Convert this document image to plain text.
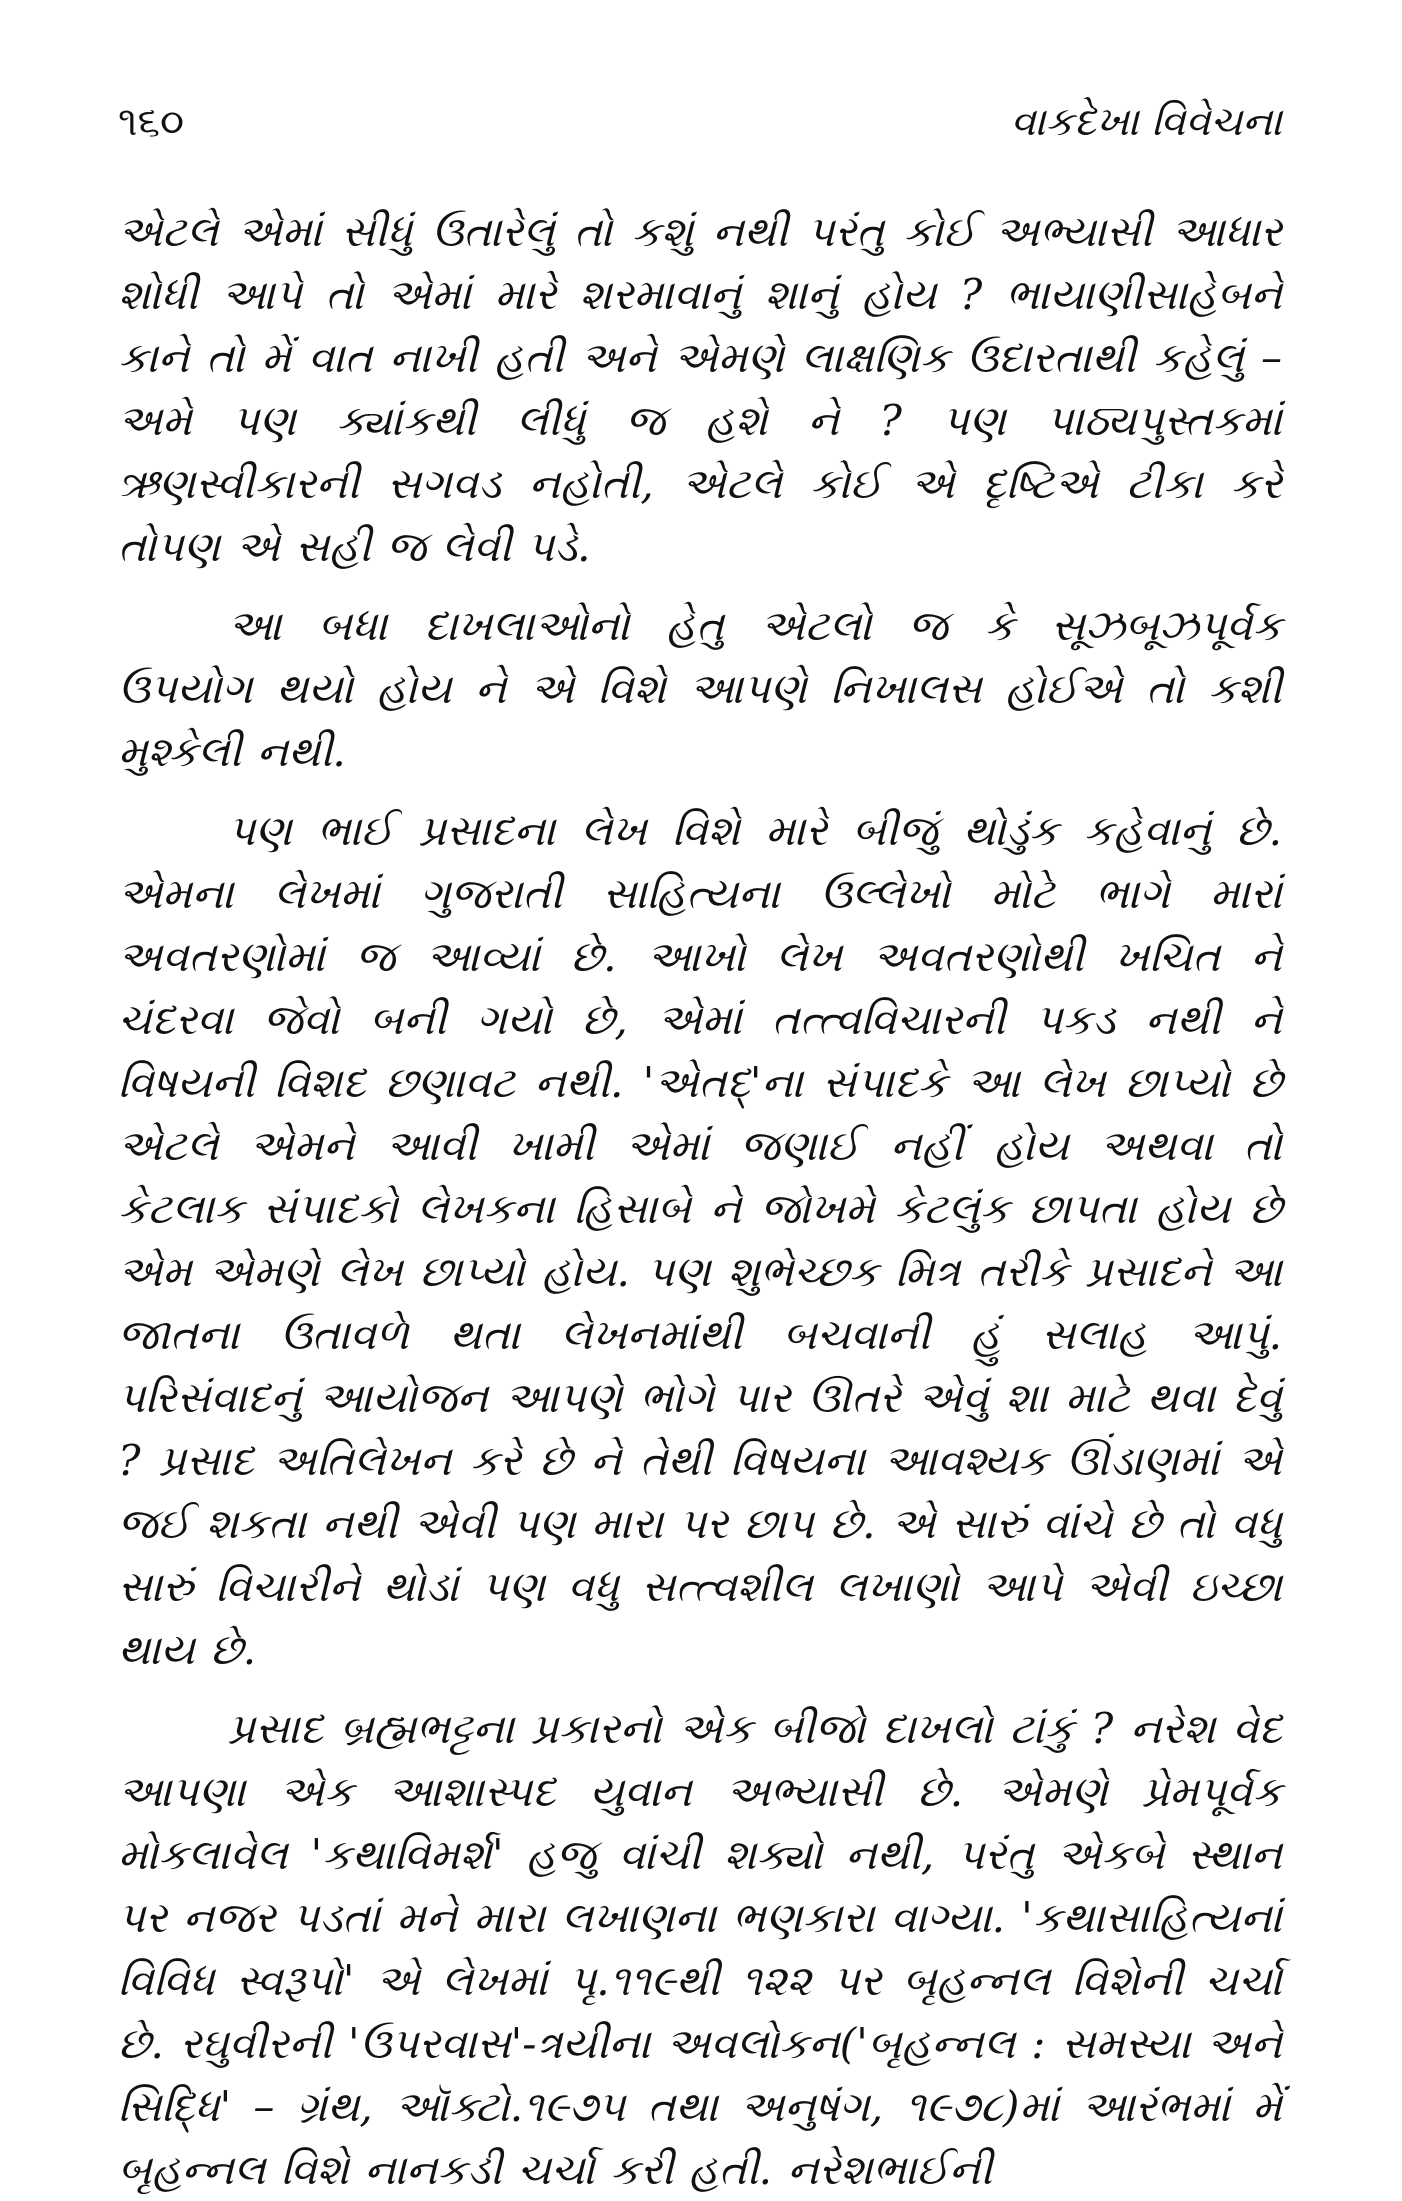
૧૬૦	વાકદેખા વિવેચના

એટલે એમાં સીધું ઉતારેલું તો કશું નથી પરંતુ કોઈ અભ્યાસી આધાર શોધી આપે તો એમાં મારે શરમાવાનું શાનું હોય ? ભાયાણીસાહેબને કાને તો મેં વાત નાખી હતી અને એમણે લાક્ષણિક ઉદારતાથી કહેલું – અમે પણ ક્યાંકથી લીધું જ હશે ને ? પણ પાઠ્યપુસ્તકમાં ઋણસ્વીકારની સગવડ નહોતી, એટલે કોઈ એ દૃષ્ટિએ ટીકા કરે તોપણ એ સહી જ લેવી પડે.

આ બધા દાખલાઓનો હેતુ એટલો જ કે સૂઝબૂઝપૂર્વક ઉપયોગ થયો હોય ને એ વિશે આપણે નિખાલસ હોઈએ તો કશી મુશ્કેલી નથી.

પણ ભાઈ પ્રસાદના લેખ વિશે મારે બીજું થોડુંક કહેવાનું છે. એમના લેખમાં ગુજરાતી સાહિત્યના ઉલ્લેખો મોટે ભાગે મારાં અવતરણોમાં જ આવ્યાં છે. આખો લેખ અવતરણોથી ખચિત ને ચંદરવા જેવો બની ગયો છે, એમાં તત્ત્વવિચારની પકડ નથી ને વિષયની વિશદ છણાવટ નથી. 'એતદ્'ના સંપાદકે આ લેખ છાપ્યો છે એટલે એમને આવી ખામી એમાં જણાઈ નહીં હોય અથવા તો કેટલાક સંપાદકો લેખકના હિસાબે ને જોખમે કેટલુંક છાપતા હોય છે એમ એમણે લેખ છાપ્યો હોય. પણ શુભેચ્છક મિત્ર તરીકે પ્રસાદને આ જાતના ઉતાવળે થતા લેખનમાંથી બચવાની હું સલાહ આપું. પરિસંવાદનું આયોજન આપણે ભોગે પાર ઊતરે એવું શા માટે થવા દેવું ? પ્રસાદ અતિલેખન કરે છે ને તેથી વિષયના આવશ્યક ઊંડાણમાં એ જઈ શકતા નથી એવી પણ મારા પર છાપ છે. એ સારું વાંચે છે તો વધુ સારું વિચારીને થોડાં પણ વધુ સત્ત્વશીલ લખાણો આપે એવી ઇચ્છા થાય છે.

પ્રસાદ બ્રહ્મભટ્ટના પ્રકારનો એક બીજો દાખલો ટાંકું ? નરેશ વેદ આપણા એક આશાસ્પદ યુવાન અભ્યાસી છે. એમણે પ્રેમપૂર્વક મોકલાવેલ 'કથાવિમર્શ' હજુ વાંચી શક્યો નથી, પરંતુ એકબે સ્થાન પર નજર પડતાં મને મારા લખાણના ભણકારા વાગ્યા. 'કથાસાહિત્યનાં વિવિધ સ્વરૂપો' એ લેખમાં પૃ.૧૧૯થી ૧૨૨ પર બૃહન્નલ વિશેની ચર્ચા છે. રઘુવીરની 'ઉપરવાસ'-ત્રયીના અવલોકન('બૃહન્નલ : સમસ્યા અને સિદ્ધિ' – ગ્રંથ, ઑક્ટો.૧૯૭૫ તથા અનુષંગ, ૧૯૭૮)માં આરંભમાં મેં બૃહન્નલ વિશે નાનકડી ચર્ચા કરી હતી. નરેશભાઈની
